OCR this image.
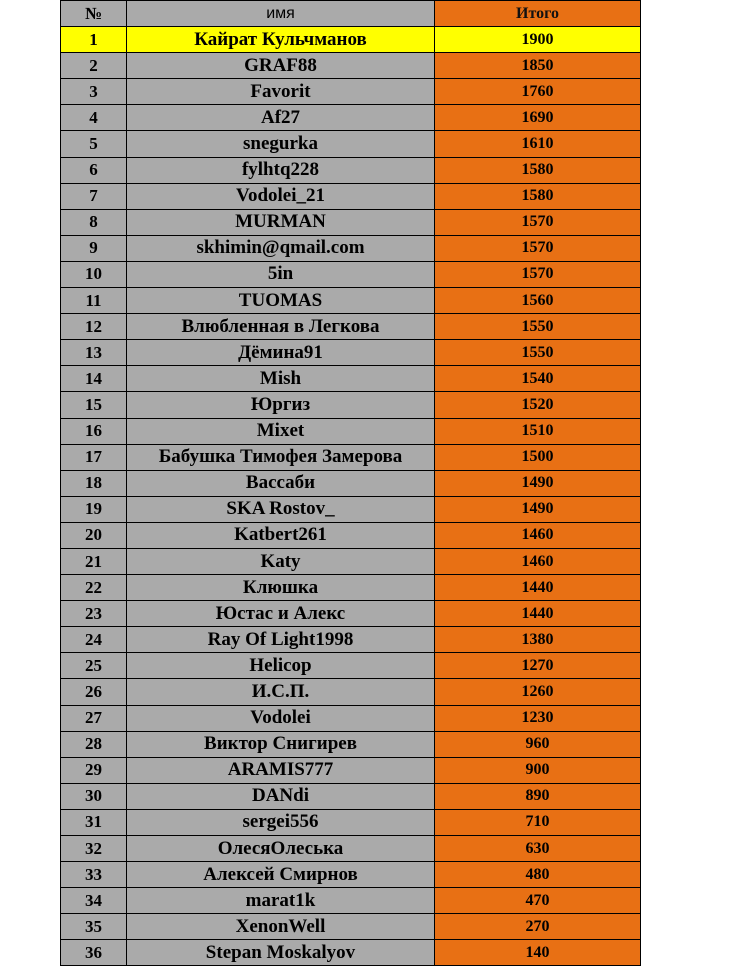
№	имя	Итого
1	Кайрат Кульчманов	1900
2	GRAF88	1850
3	Favorit	1760
4	Af27	1690
5	snegurka	1610
6	fylhtq228	1580
7	Vodolei_21	1580
8	MURMAN	1570
9	skhimin@qmail.com	1570
10	5in	1570
11	TUOMAS	1560
12	Влюбленная в Легкова	1550
13	Дёмина91	1550
14	Mish	1540
15	Юргиз	1520
16	Mixet	1510
17	Бабушка Тимофея Замерова	1500
18	Вассаби	1490
19	SKA Rostov_	1490
20	Katbert261	1460
21	Katy	1460
22	Клюшка	1440
23	Юстас и Алекс	1440
24	Ray Of Light1998	1380
25	Helicop	1270
26	И.С.П.	1260
27	Vodolei	1230
28	Виктор Снигирев	960
29	ARAMIS777	900
30	DANdi	890
31	sergei556	710
32	ОлесяОлеська	630
33	Алексей Смирнов	480
34	marat1k	470
35	XenonWell	270
36	Stepan Moskalyov	140
